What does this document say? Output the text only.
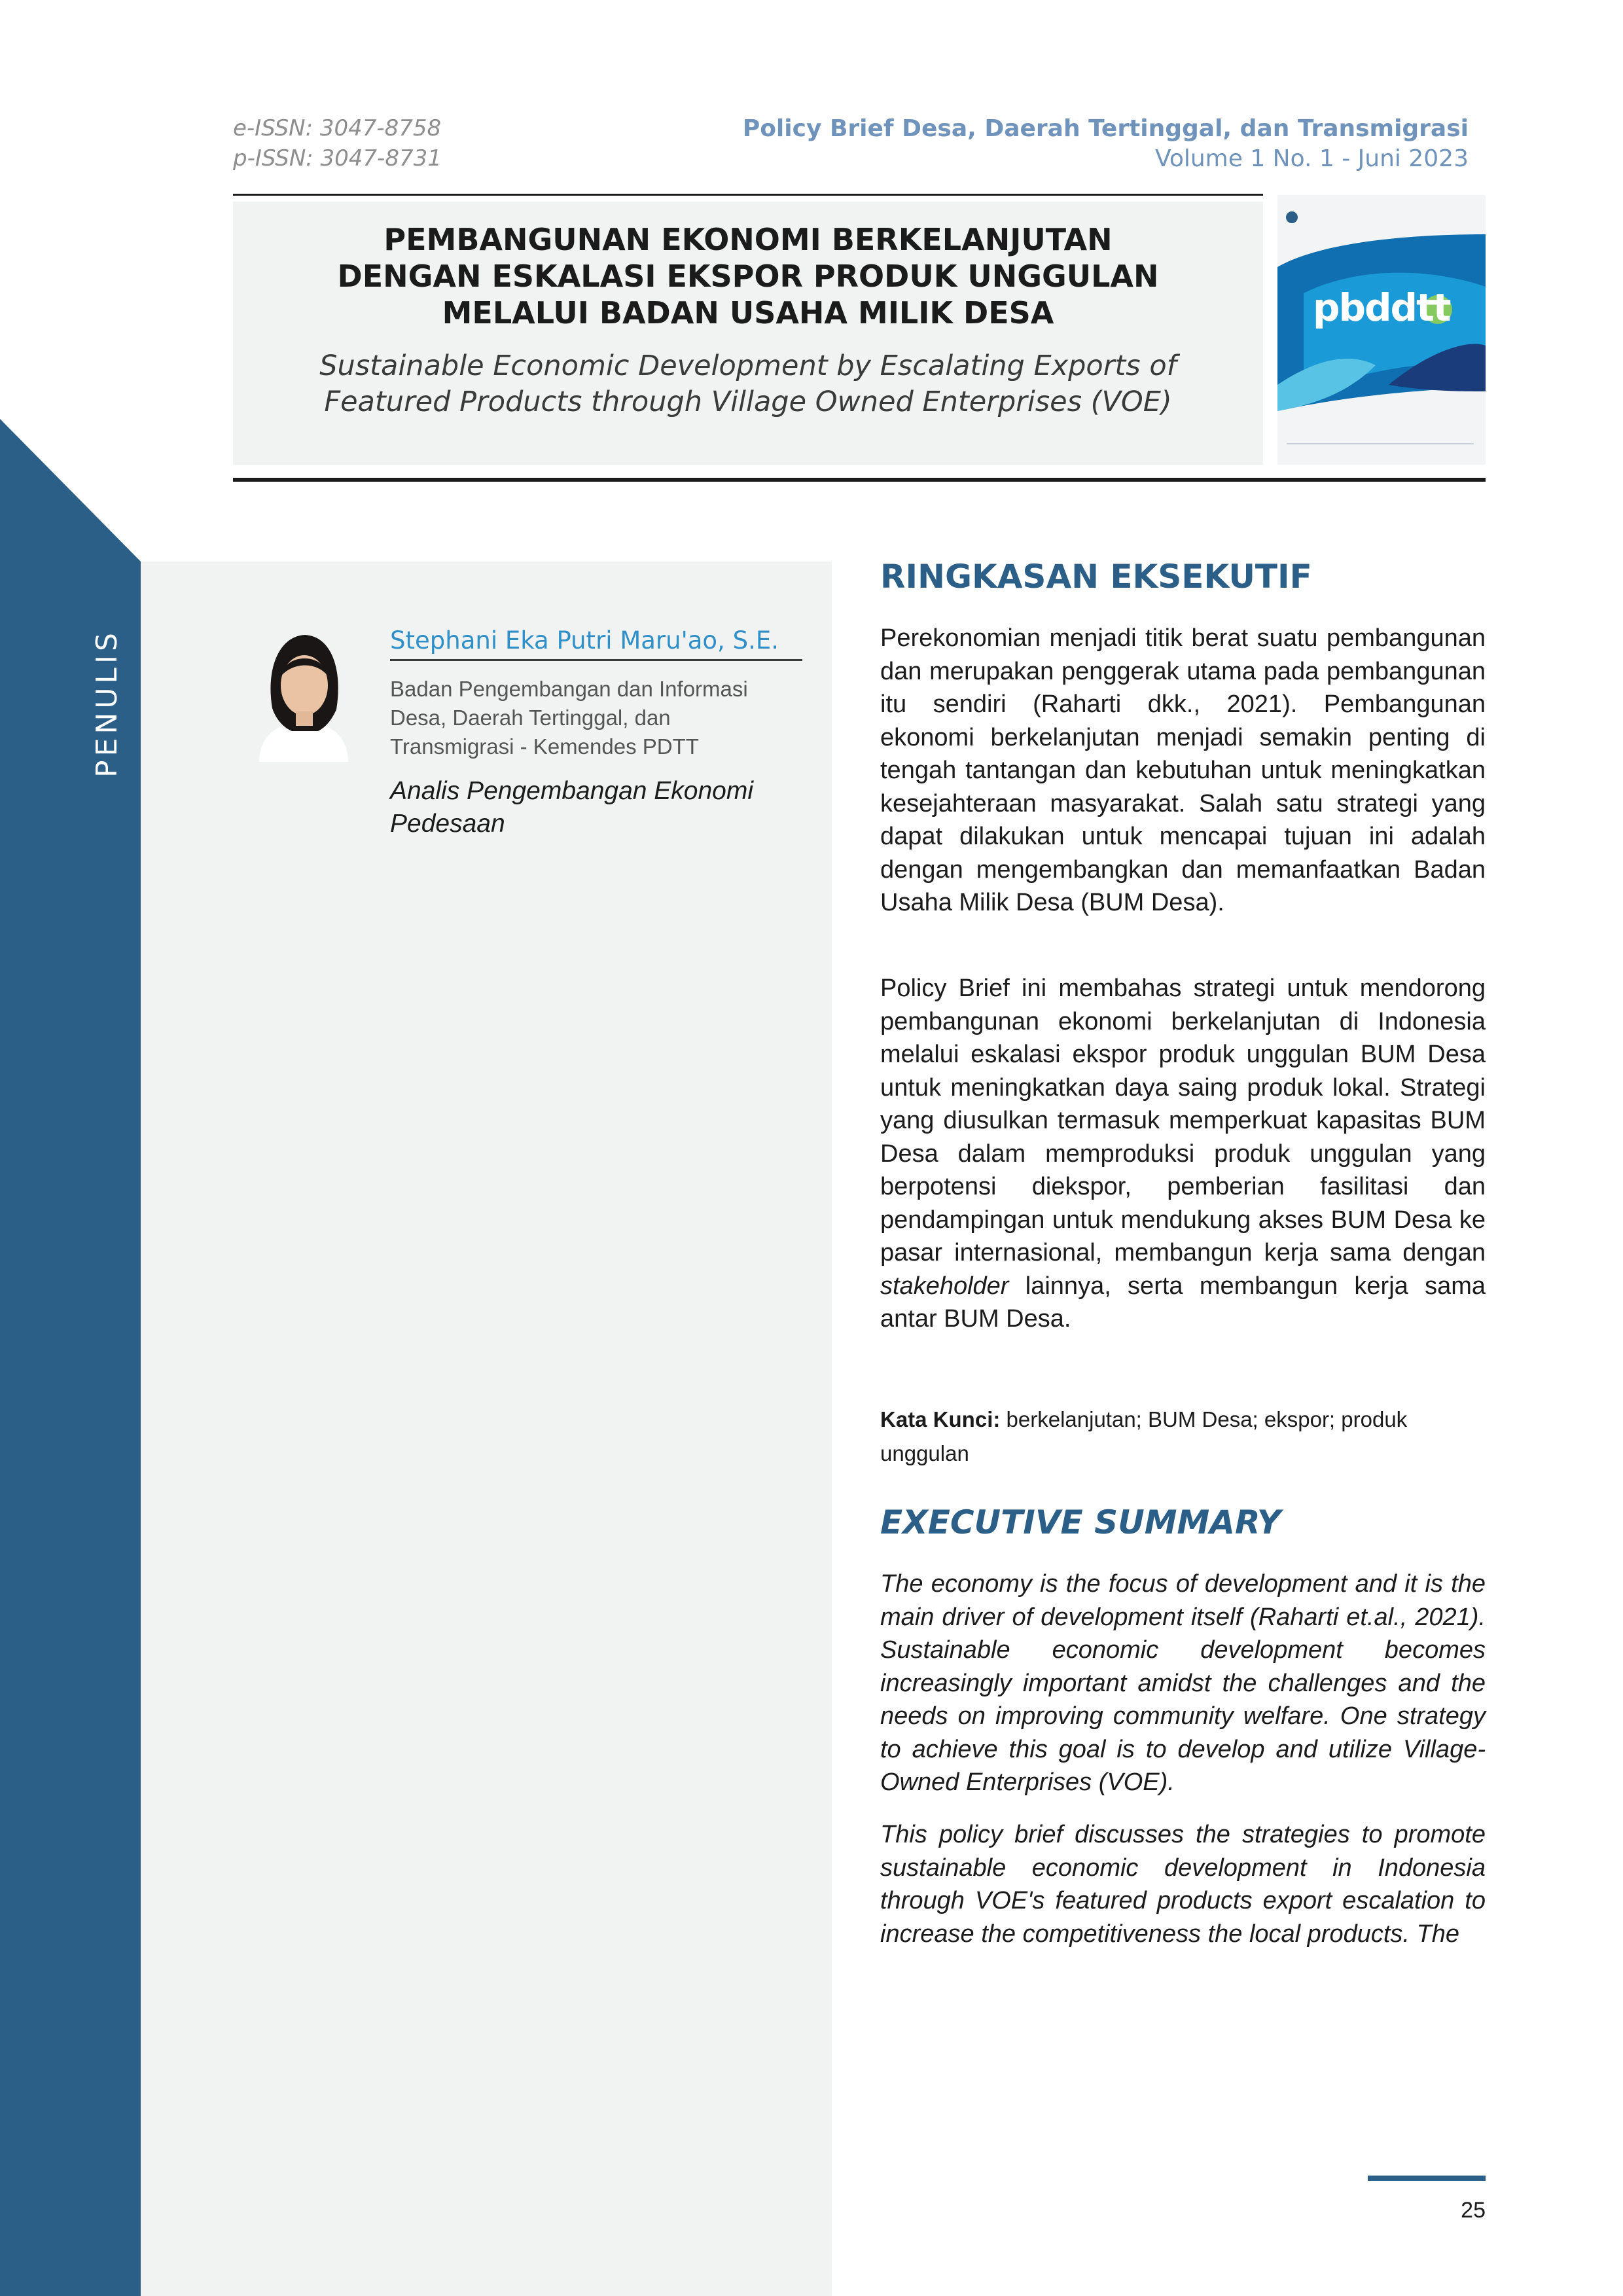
PENULIS
e-ISSN: 3047-8758
p-ISSN: 3047-8731
Policy Brief Desa, Daerah Tertinggal, dan Transmigrasi
Volume 1 No. 1 - Juni 2023
PEMBANGUNAN EKONOMI BERKELANJUTAN
DENGAN ESKALASI EKSPOR PRODUK UNGGULAN
MELALUI BADAN USAHA MILIK DESA
Sustainable Economic Development by Escalating Exports of
Featured Products through Village Owned Enterprises (VOE)
pbddtt
Stephani Eka Putri Maru'ao, S.E.
Badan Pengembangan dan Informasi
Desa, Daerah Tertinggal, dan
Transmigrasi - Kemendes PDTT
Analis Pengembangan Ekonomi
Pedesaan
RINGKASAN EKSEKUTIF
Perekonomian menjadi titik berat suatu pembangunan dan merupakan penggerak utama pada pembangunan itu sendiri (Raharti dkk., 2021). Pembangunan ekonomi berkelanjutan menjadi semakin penting di tengah tantangan dan kebutuhan untuk meningkatkan kesejahteraan masyarakat. Salah satu strategi yang dapat dilakukan untuk mencapai tujuan ini adalah dengan mengembangkan dan memanfaatkan Badan Usaha Milik Desa (BUM Desa).
Policy Brief ini membahas strategi untuk mendorong pembangunan ekonomi berkelanjutan di Indonesia melalui eskalasi ekspor produk unggulan BUM Desa untuk meningkatkan daya saing produk lokal. Strategi yang diusulkan termasuk memperkuat kapasitas BUM Desa dalam memproduksi produk unggulan yang berpotensi diekspor, pemberian fasilitasi dan pendampingan untuk mendukung akses BUM Desa ke pasar internasional, membangun kerja sama dengan stakeholder lainnya, serta membangun kerja sama antar BUM Desa.
Kata Kunci: berkelanjutan; BUM Desa; ekspor; produk unggulan
EXECUTIVE SUMMARY
The economy is the focus of development and it is the main driver of development itself (Raharti et.al., 2021). Sustainable economic development becomes increasingly important amidst the challenges and the needs on improving community welfare. One strategy to achieve this goal is to develop and utilize Village-Owned Enterprises (VOE).
This policy brief discusses the strategies to promote sustainable economic development in Indonesia through VOE's featured products export escalation to increase the competitiveness the local products. The
25
